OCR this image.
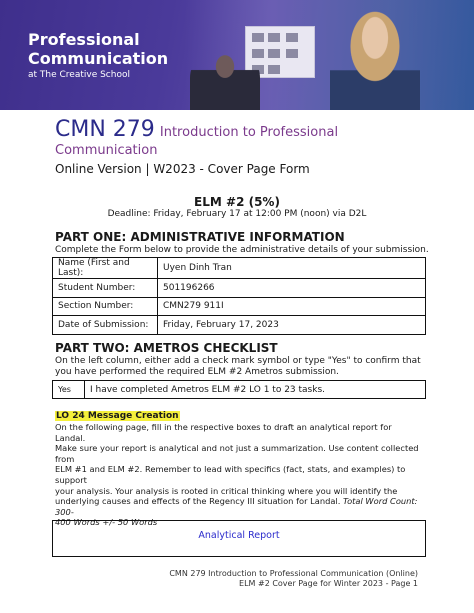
Professional
Communication
at The Creative School
CMN 279 Introduction to Professional
Communication
Online Version | W2023 - Cover Page Form
ELM #2 (5%)
Deadline: Friday, February 17 at 12:00 PM (noon) via D2L
PART ONE: ADMINISTRATIVE INFORMATION
Complete the Form below to provide the administrative details of your submission.
Name (First and Last):	Uyen Dinh Tran
Student Number:	501196266
Section Number:	CMN279 911I
Date of Submission:	Friday, February 17, 2023
PART TWO: AMETROS CHECKLIST
On the left column, either add a check mark symbol or type "Yes" to confirm that
you have performed the required ELM #2 Ametros submission.
Yes	I have completed Ametros ELM #2 LO 1 to 23 tasks.
LO 24 Message Creation
On the following page, fill in the respective boxes to draft an analytical report for Landal.
Make sure your report is analytical and not just a summarization. Use content collected from
ELM #1 and ELM #2. Remember to lead with specifics (fact, stats, and examples) to support
your analysis. Your analysis is rooted in critical thinking where you will identify the
underlying causes and effects of the Regency III situation for Landal. Total Word Count: 300-
400 Words +/- 50 Words
Analytical Report
CMN 279 Introduction to Professional Communication (Online)
ELM #2 Cover Page for Winter 2023 - Page 1
